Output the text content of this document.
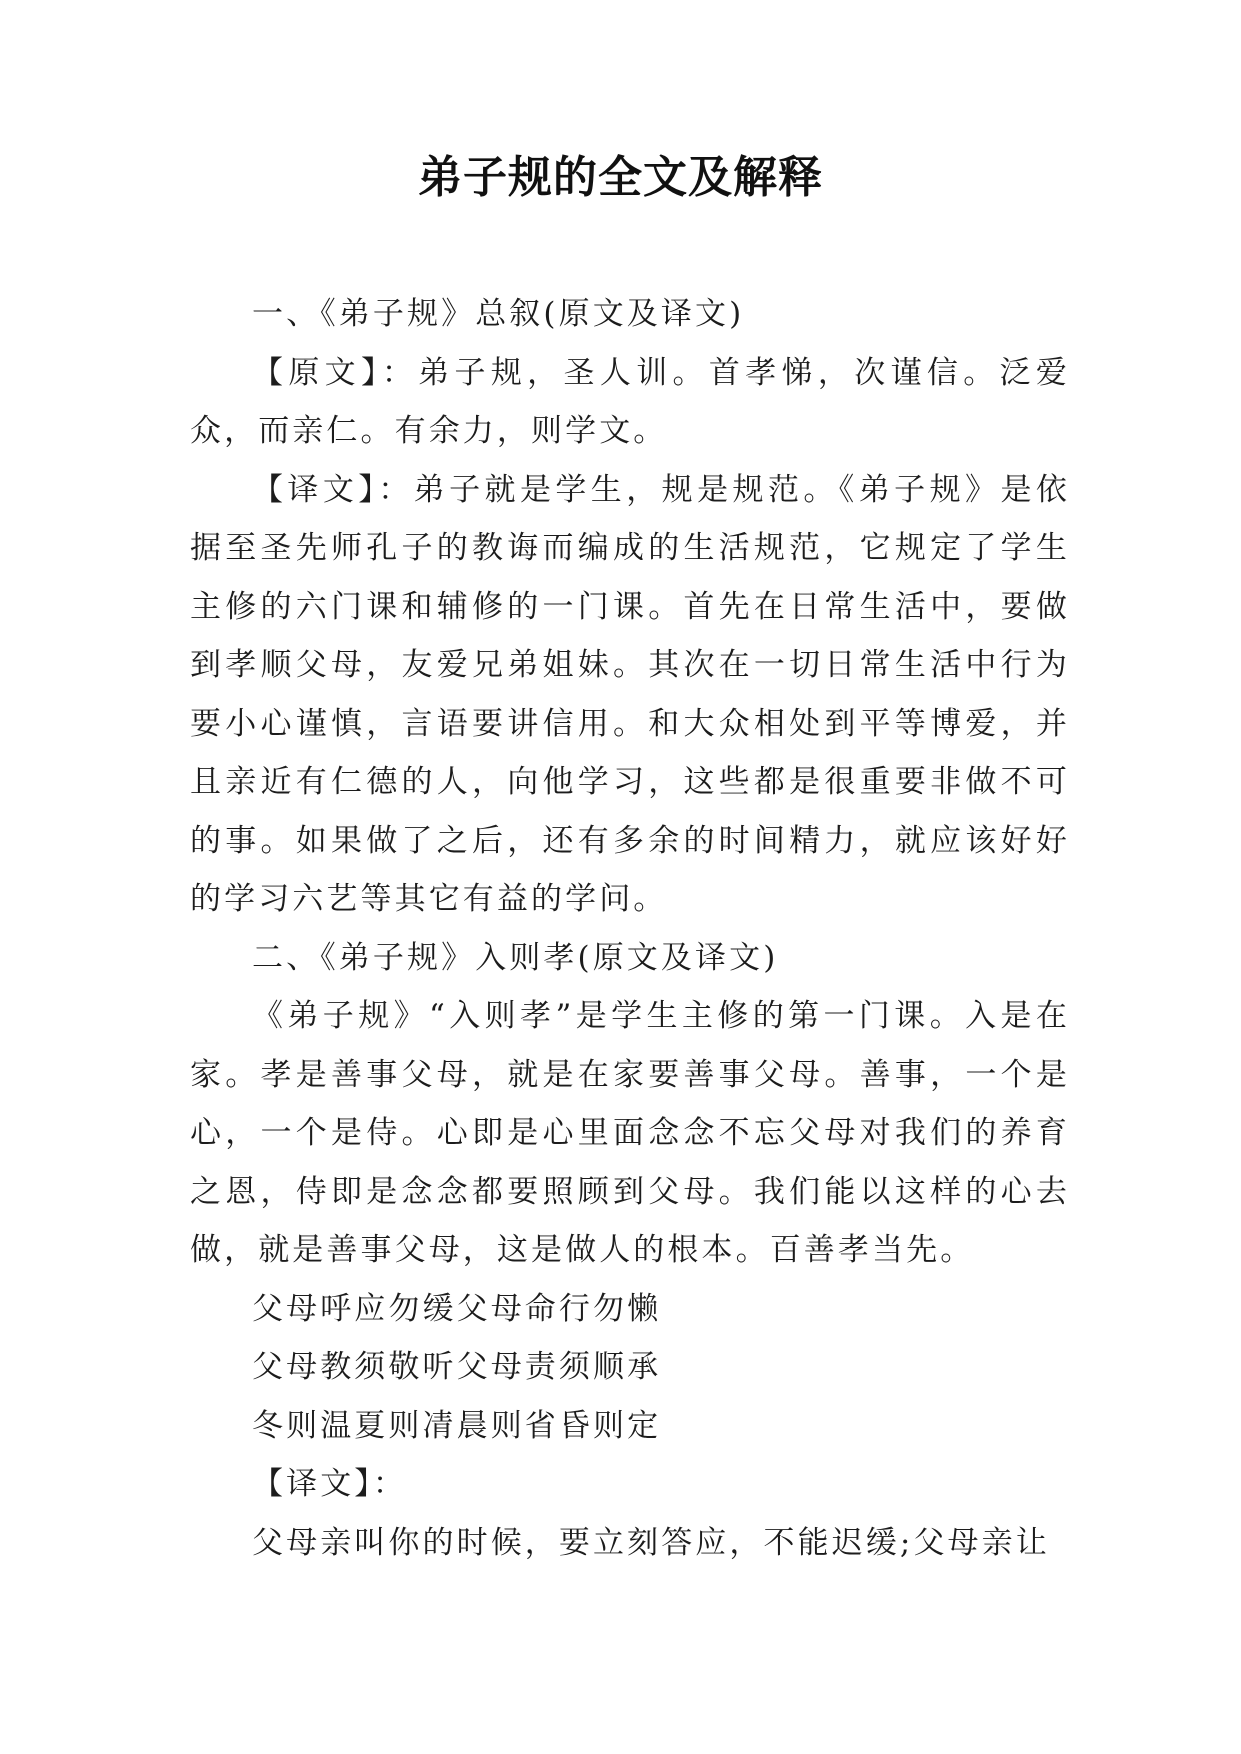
弟子规的全文及解释

一、《弟子规》总叙(原文及译文)

【原文】：弟子规，圣人训。首孝悌，次谨信。泛爱众，而亲仁。有余力，则学文。

【译文】：弟子就是学生，规是规范。《弟子规》是依据至圣先师孔子的教诲而编成的生活规范，它规定了学生主修的六门课和辅修的一门课。首先在日常生活中，要做到孝顺父母，友爱兄弟姐妹。其次在一切日常生活中行为要小心谨慎，言语要讲信用。和大众相处到平等博爱，并且亲近有仁德的人，向他学习，这些都是很重要非做不可的事。如果做了之后，还有多余的时间精力，就应该好好的学习六艺等其它有益的学问。

二、《弟子规》入则孝(原文及译文)

《弟子规》“入则孝”是学生主修的第一门课。入是在家。孝是善事父母，就是在家要善事父母。善事，一个是心，一个是侍。心即是心里面念念不忘父母对我们的养育之恩，侍即是念念都要照顾到父母。我们能以这样的心去做，就是善事父母，这是做人的根本。百善孝当先。

父母呼应勿缓父母命行勿懒

父母教须敬听父母责须顺承

冬则温夏则凊晨则省昏则定

【译文】：

父母亲叫你的时候，要立刻答应，不能迟缓;父母亲让
